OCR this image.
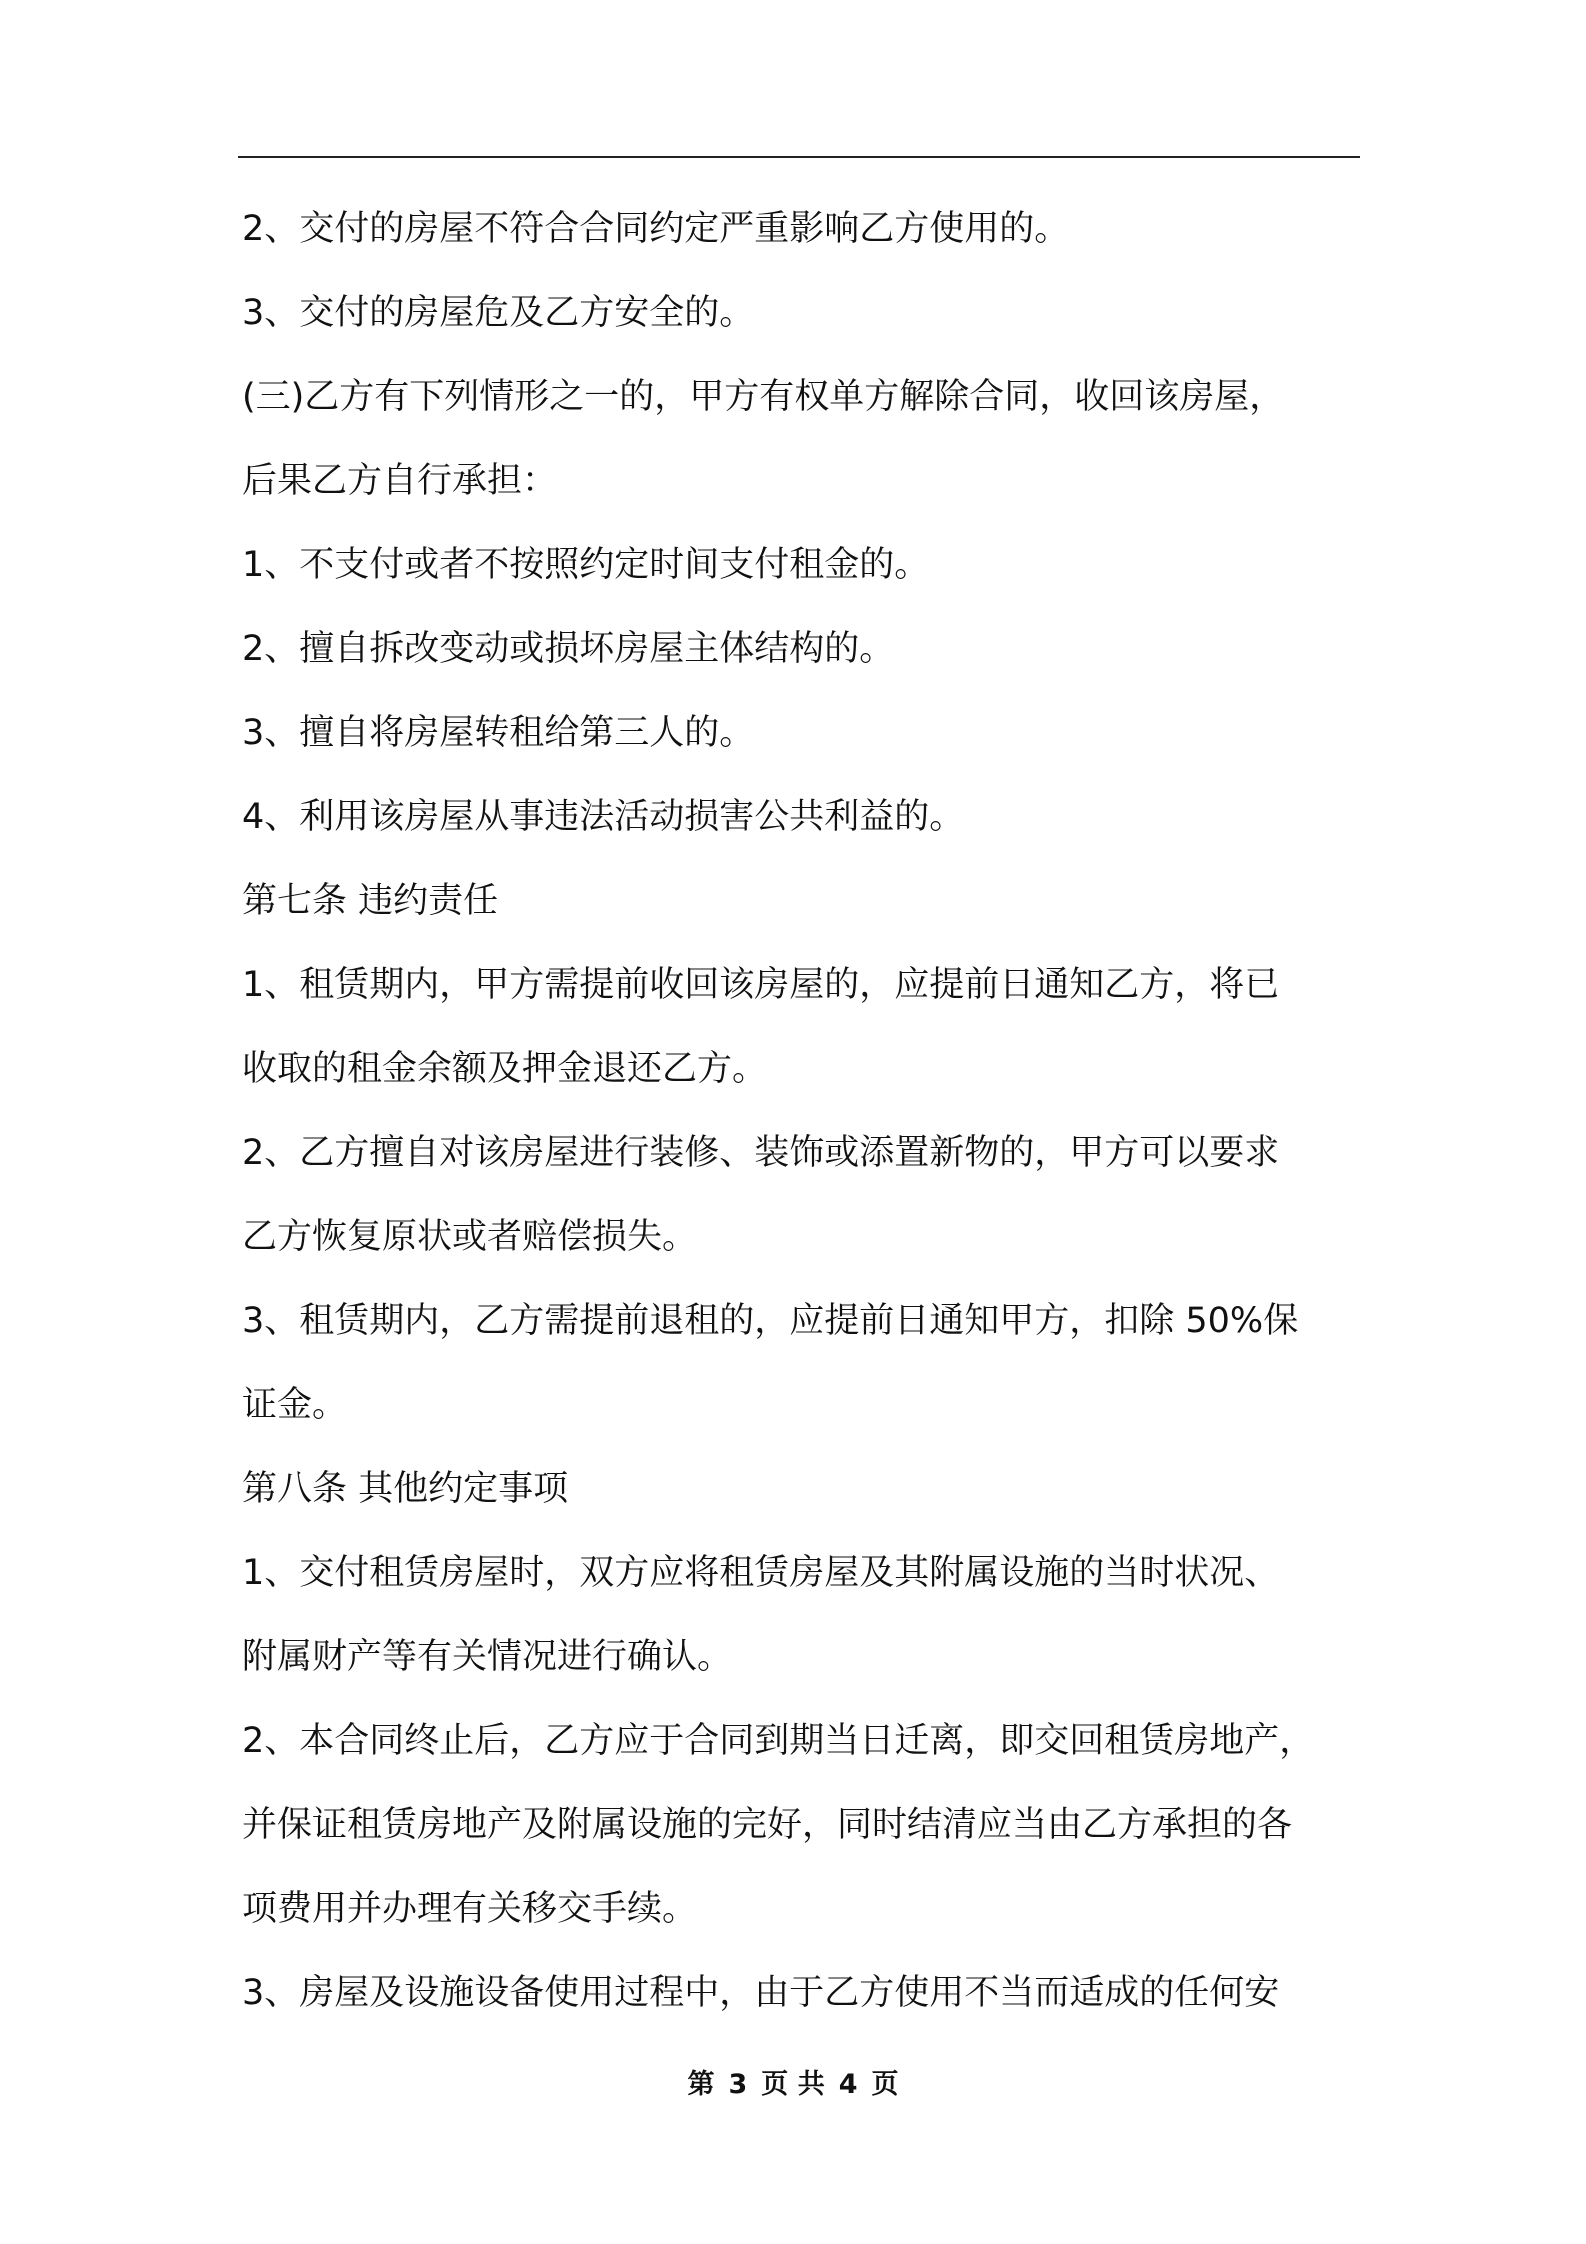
2、交付的房屋不符合合同约定严重影响乙方使用的。
3、交付的房屋危及乙方安全的。
(三)乙方有下列情形之一的，甲方有权单方解除合同，收回该房屋，
后果乙方自行承担：
1、不支付或者不按照约定时间支付租金的。
2、擅自拆改变动或损坏房屋主体结构的。
3、擅自将房屋转租给第三人的。
4、利用该房屋从事违法活动损害公共利益的。
第七条 违约责任
1、租赁期内，甲方需提前收回该房屋的，应提前日通知乙方，将已
收取的租金余额及押金退还乙方。
2、乙方擅自对该房屋进行装修、装饰或添置新物的，甲方可以要求
乙方恢复原状或者赔偿损失。
3、租赁期内，乙方需提前退租的，应提前日通知甲方，扣除 50%保
证金。
第八条 其他约定事项
1、交付租赁房屋时，双方应将租赁房屋及其附属设施的当时状况、
附属财产等有关情况进行确认。
2、本合同终止后，乙方应于合同到期当日迁离，即交回租赁房地产，
并保证租赁房地产及附属设施的完好，同时结清应当由乙方承担的各
项费用并办理有关移交手续。
3、房屋及设施设备使用过程中，由于乙方使用不当而适成的任何安
第 3 页 共 4 页
